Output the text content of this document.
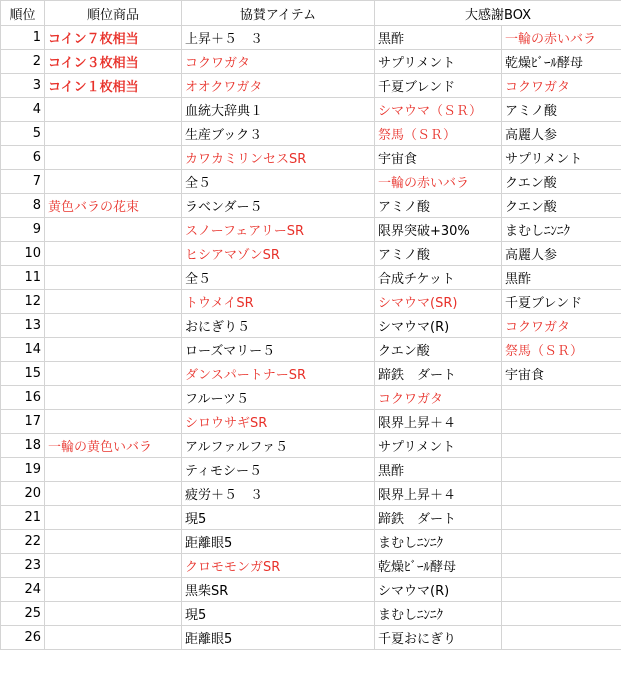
順位	順位商品	協賛アイテム	大感謝BOX	
1	コイン７枚相当	上昇＋５　３	黒酢	一輪の赤いバラ
2	コイン３枚相当	コクワガタ	サプリメント	乾燥ﾋﾞｰﾙ酵母
3	コイン１枚相当	オオクワガタ	千夏ブレンド	コクワガタ
4		血統大辞典１	シマウマ（ＳＲ）	アミノ酸
5		生産ブック３	祭馬（ＳＲ）	高麗人参
6		カワカミリンセスSR	宇宙食	サプリメント
7		全５	一輪の赤いバラ	クエン酸
8	黄色バラの花束	ラベンダー５	アミノ酸	クエン酸
9		スノーフェアリーSR	限界突破+30%	まむしﾆﾝﾆｸ
10		ヒシアマゾンSR	アミノ酸	高麗人参
11		全５	合成チケット	黒酢
12		トウメイSR	シマウマ(SR)	千夏ブレンド
13		おにぎり５	シマウマ(R)	コクワガタ
14		ローズマリー５	クエン酸	祭馬（ＳＲ）
15		ダンスパートナーSR	蹄鉄　ダート	宇宙食
16		フルーツ５	コクワガタ	
17		シロウサギSR	限界上昇＋４	
18	一輪の黄色いバラ	アルファルファ５	サプリメント	
19		ティモシー５	黒酢	
20		疲労＋５　３	限界上昇＋４	
21		現5	蹄鉄　ダート	
22		距離眼5	まむしﾆﾝﾆｸ	
23		クロモモンガSR	乾燥ﾋﾞｰﾙ酵母	
24		黒柴SR	シマウマ(R)	
25		現5	まむしﾆﾝﾆｸ	
26		距離眼5	千夏おにぎり	
